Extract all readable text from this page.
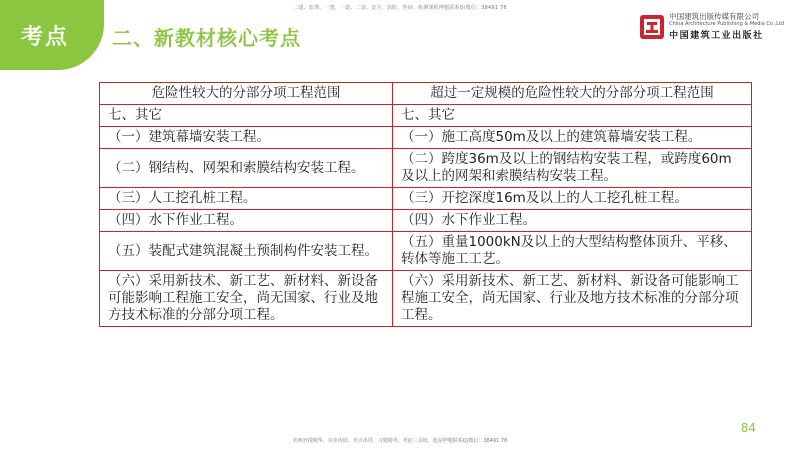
二建、监理、一建、一造、二造、安全、消防、咨询、检测课程博题联系Q/微信：38491 78
考点 二、新教材核心考点
中国建筑出版传媒有限公司
China Architecture Publishing & Media Co.,Ltd
中国建筑工业出版社
危险性较大的分部分项工程范围	超过一定规模的危险性较大的分部分项工程范围
七、其它	七、其它
（一）建筑幕墙安装工程。	（一）施工高度50m及以上的建筑幕墙安装工程。
（二）钢结构、网架和索膜结构安装工程。	（二）跨度36m及以上的钢结构安装工程，或跨度60m及以上的网架和索膜结构安装工程。
（三）人工挖孔桩工程。	（三）开挖深度16m及以上的人工挖孔桩工程。
（四）水下作业工程。	（四）水下作业工程。
（五）装配式建筑混凝土预制构件安装工程。	（五）重量1000kN及以上的大型结构整体顶升、平移、转体等施工工艺。
（六）采用新技术、新工艺、新材料、新设备可能影响工程施工安全，尚无国家、行业及地方技术标准的分部分项工程。	（六）采用新技术、新工艺、新材料、新设备可能影响工程施工安全，尚无国家、行业及地方技术标准的分部分项工程。
84
名师直授精华，央企内训、考点串讲、习题精考、考前三页纸，他是押题联系Q/微信：38491 78
